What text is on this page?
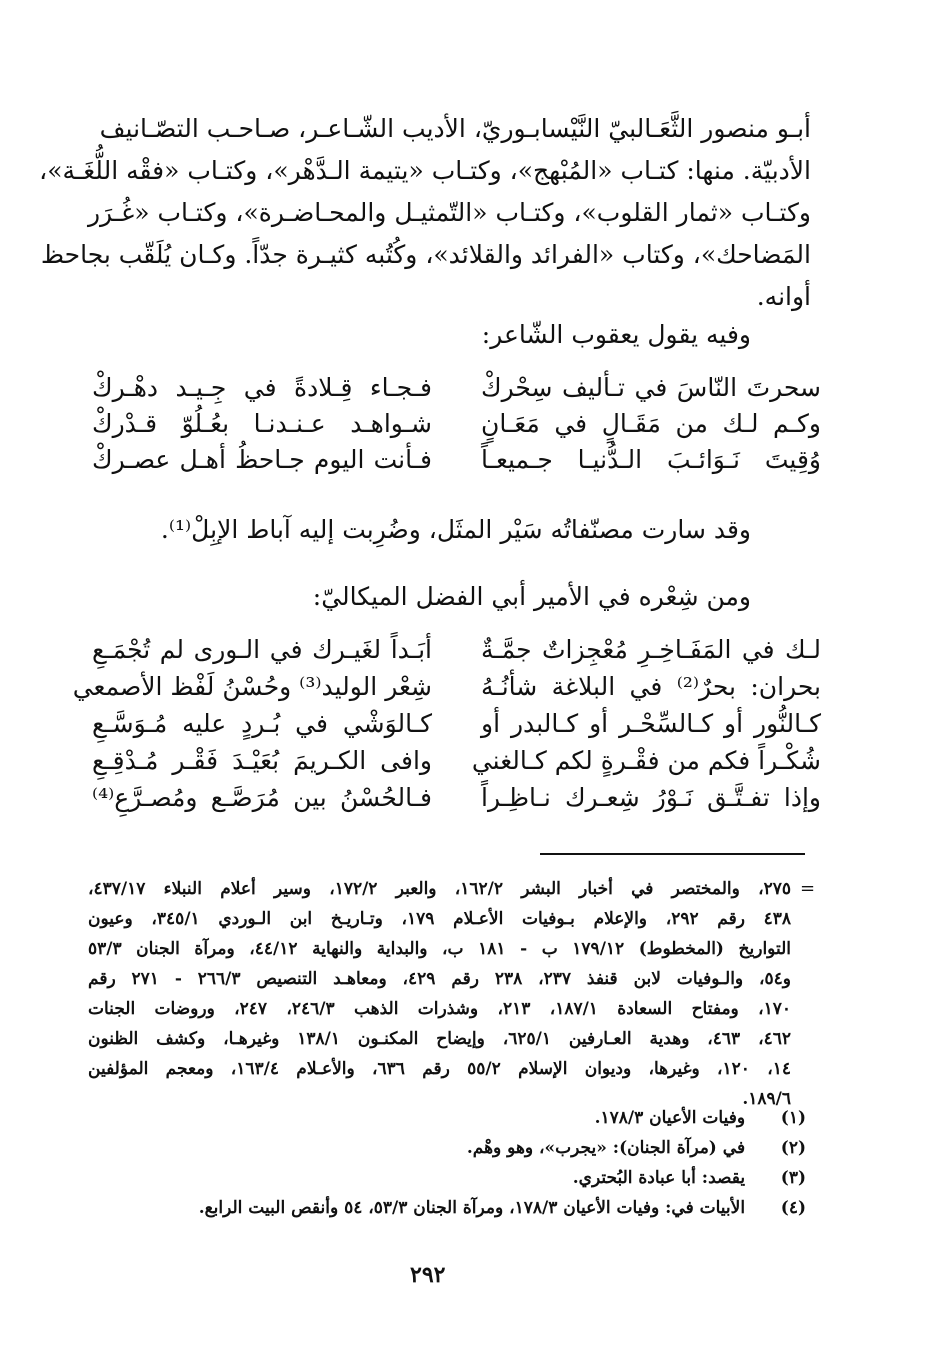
أبـو منصور الثَّعَـالبيّ النَّيْسابـوريّ، الأديب الشّـاعـر، صـاحـب التصّـانيف
الأدبيّة. منها: كتـاب «المُبْهج»، وكتـاب «يتيمة الـدَّهْر»، وكتـاب «فقْه اللُّغَـة»،
وكتـاب «ثمار القلوب»، وكتـاب «التّمثيـل والمحـاضـرة»، وكتـاب «غُـرَر
المَضاحك»، وكتاب «الفرائد والقلائد»، وكُتُبه كثيـرة جدّاً. وكـان يُلَقّب بجاحظ
أوانه.
وفيه يقول يعقوب الشّاعر:
سحرتَ النّاسَ في تـأليف سِحْركْ
فـجـاء قِـلادةً في جِـيـد دهْـركْ
وكـم لـك من مَقَـالٍ في مَعَـانٍ
شـواهـد عـنـدنـا بعُـلُوّ قـدْركْ
وُقِيتَ نَـوَائـبَ الـدُّنيـا جـميعـاً
فـأنت اليوم جـاحظُ أهـل عصـركْ
وقد سارت مصنّفاتُه سَيْر المثَل، وضُرِبت إليه آباط الإبِلْ⁽¹⁾.
ومن شِعْره في الأمير أبي الفضل الميكاليّ:
لـك في المَفَـاخِـرِ مُعْجِزاتٌ جمَّـةٌ
أبَـداً لغَيـرك في الـورى لم تُجْمَـعِ
بحران: بحرٌ⁽²⁾ في البلاغة شأنُـهُ
شِعْر الوليد⁽³⁾ وحُسْنُ لَفْظ الأصمعي
كـالنُّور أو كـالسِّحْـر أو كـالبدر أو
كـالوَشْي في بُـردٍ عليه مُـوَسَّـعِ
شُكْـراً فكم من فقْـرةٍ لكم كـالغني
وافى الكـريمَ بُعَيْـدَ فَقْـر مُـدْقِـعِ
وإذا تفـتَّـق نَـوْرُ شِعـرك نـاظِـراً
فـالحُسْنُ بين مُرَصَّـع ومُصـرَّعِ⁽⁴⁾
=
٢٧٥، والمختصر في أخبار البشر ١٦٢/٢، والعبر ١٧٢/٢، وسير أعلام النبلاء ٤٣٧/١٧،
٤٣٨ رقم ٢٩٢، والإعلام بـوفيات الأعـلام ١٧٩، وتـاريـخ ابن الـوردي ٣٤٥/١، وعيون
التواريخ (المخطوط) ١٧٩/١٢ ب - ١٨١ ب، والبداية والنهاية ٤٤/١٢، ومرآة الجنان ٥٣/٣
و٥٤، والـوفيات لابن قنفذ ٢٣٧، ٢٣٨ رقم ٤٢٩، ومعاهـد التنصيص ٢٦٦/٣ - ٢٧١ رقم
١٧٠، ومفتاح السعادة ١٨٧/١، ٢١٣، وشذرات الذهب ٢٤٦/٣، ٢٤٧، وروضات الجنات
٤٦٢، ٤٦٣، وهدية العـارفين ٦٢٥/١، وإيضاح المكنـون ١٣٨/١ وغيرهـا، وكشف الظنون
١٤، ١٢٠، وغيرها، وديوان الإسلام ٥٥/٢ رقم ٦٣٦، والأعـلام ١٦٣/٤، ومعجم المؤلفين
١٨٩/٦.
(١) وفيات الأعيان ١٧٨/٣.
(٢) في (مرآة الجنان): «يجرب»، وهو وهْم.
(٣) يقصد: أبا عبادة البُحتري.
(٤) الأبيات في: وفيات الأعيان ١٧٨/٣، ومرآة الجنان ٥٣/٣، ٥٤ وأنقص البيت الرابع.
٢٩٢
